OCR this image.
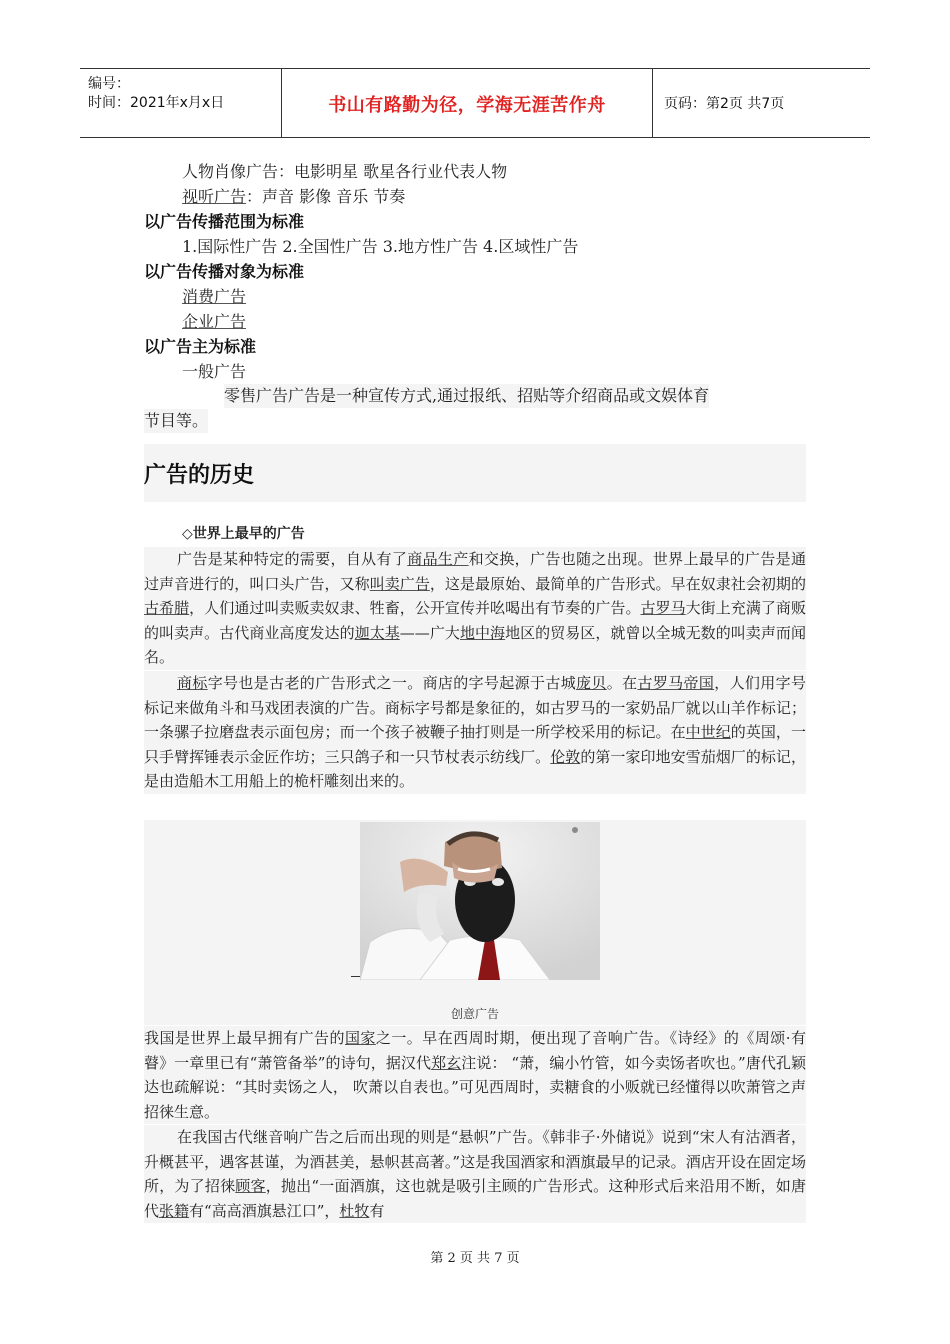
编号：
时间：2021年x月x日	书山有路勤为径，学海无涯苦作舟	页码：第2页 共7页
人物肖像广告：电影明星 歌星各行业代表人物
视听广告：声音 影像 音乐 节奏
以广告传播范围为标准
1.国际性广告 2.全国性广告 3.地方性广告 4.区域性广告
以广告传播对象为标准
消费广告
企业广告
以广告主为标准
一般广告
零售广告广告是一种宣传方式,通过报纸、招贴等介绍商品或文娱体育
节目等。
广告的历史
◇世界上最早的广告
广告是某种特定的需要，自从有了商品生产和交换，广告也随之出现。世界上最早的广告是通过声音进行的，叫口头广告，又称叫卖广告，这是最原始、最简单的广告形式。早在奴隶社会初期的古希腊，人们通过叫卖贩卖奴隶、牲畜，公开宣传并吆喝出有节奏的广告。古罗马大街上充满了商贩的叫卖声。古代商业高度发达的迦太基——广大地中海地区的贸易区，就曾以全城无数的叫卖声而闻名。
商标字号也是古老的广告形式之一。商店的字号起源于古城庞贝。在古罗马帝国，人们用字号标记来做角斗和马戏团表演的广告。商标字号都是象征的，如古罗马的一家奶品厂就以山羊作标记；一条骡子拉磨盘表示面包房；而一个孩子被鞭子抽打则是一所学校采用的标记。在中世纪的英国，一只手臂挥锤表示金匠作坊；三只鸽子和一只节杖表示纺线厂。伦敦的第一家印地安雪茄烟厂的标记，是由造船木工用船上的桅杆雕刻出来的。
创意广告
我国是世界上最早拥有广告的国家之一。早在西周时期，便出现了音响广告。《诗经》的《周颂·有瞽》一章里已有“萧管备举”的诗句，据汉代郑玄注说： “萧，编小竹管，如今卖饧者吹也。”唐代孔颖达也疏解说：“其时卖饧之人， 吹萧以自表也。”可见西周时，卖糖食的小贩就已经懂得以吹萧管之声招徕生意。
在我国古代继音响广告之后而出现的则是“悬帜”广告。《韩非子·外储说》说到“宋人有沽酒者，升概甚平，遇客甚谨，为酒甚美，悬帜甚高著。”这是我国酒家和酒旗最早的记录。酒店开设在固定场所，为了招徕顾客，抛出“一面酒旗，这也就是吸引主顾的广告形式。这种形式后来沿用不断，如唐代张籍有“高高酒旗悬江口”，杜牧有
第 2 页 共 7 页
